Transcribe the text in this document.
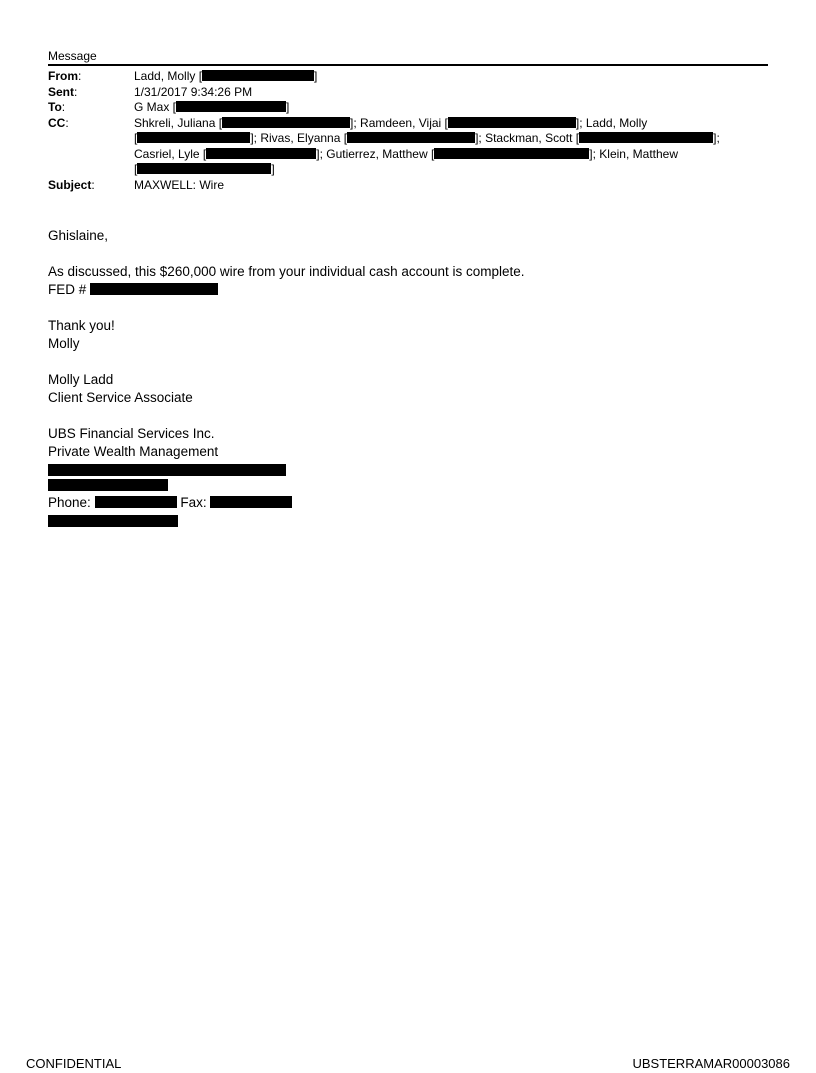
Message
From:	Ladd, Molly [	]
Sent:	1/31/2017 9:34:26 PM
To:	G Max [	]
CC:	Shkreli, Juliana [	]; Ramdeen, Vijai [	]; Ladd, Molly
[	]; Rivas, Elyanna [	]; Stackman, Scott [	];
Casriel, Lyle [	]; Gutierrez, Matthew [	]; Klein, Matthew
[	]
Subject:	MAXWELL: Wire

Ghislaine,

As discussed, this $260,000 wire from your individual cash account is complete.
FED #

Thank you!
Molly

Molly Ladd
Client Service Associate

UBS Financial Services Inc.
Private Wealth Management
Phone:	Fax:
CONFIDENTIAL	UBSTERRAMAR00003086
